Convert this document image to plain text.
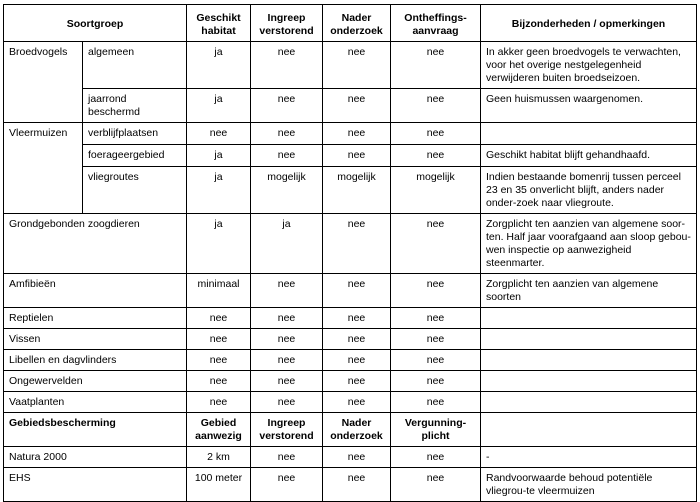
Soortgroep		Geschikt habitat	Ingreep verstorend	Nader onderzoek	Ontheffings-aanvraag	Bijzonderheden / opmerkingen
Broedvogels	algemeen	ja	nee	nee	nee	In akker geen broedvogels te verwachten, voor het overige nestgelegenheid verwijderen buiten broedseizoen.
	jaarrond beschermd	ja	nee	nee	nee	Geen huismussen waargenomen.
Vleermuizen	verblijfplaatsen	nee	nee	nee	nee	
	foerageergebied	ja	nee	nee	nee	Geschikt habitat blijft gehandhaafd.
	vliegroutes	ja	mogelijk	mogelijk	mogelijk	Indien bestaande bomenrij tussen perceel 23 en 35 onverlicht blijft, anders nader onder-zoek naar vliegroute.
Grondgebonden zoogdieren		ja	ja	nee	nee	Zorgplicht ten aanzien van algemene soor-ten. Half jaar voorafgaand aan sloop gebou-wen inspectie op aanwezigheid steenmarter.
Amfibieën		minimaal	nee	nee	nee	Zorgplicht ten aanzien van algemene soorten
Reptielen		nee	nee	nee	nee	
Vissen		nee	nee	nee	nee	
Libellen en dagvlinders		nee	nee	nee	nee	
Ongewervelden		nee	nee	nee	nee	
Vaatplanten		nee	nee	nee	nee	
Gebiedsbescherming		Gebied aanwezig	Ingreep verstorend	Nader onderzoek	Vergunning-plicht	
Natura 2000		2 km	nee	nee	nee	-
EHS		100 meter	nee	nee	nee	Randvoorwaarde behoud potentiële vliegrou-te vleermuizen
